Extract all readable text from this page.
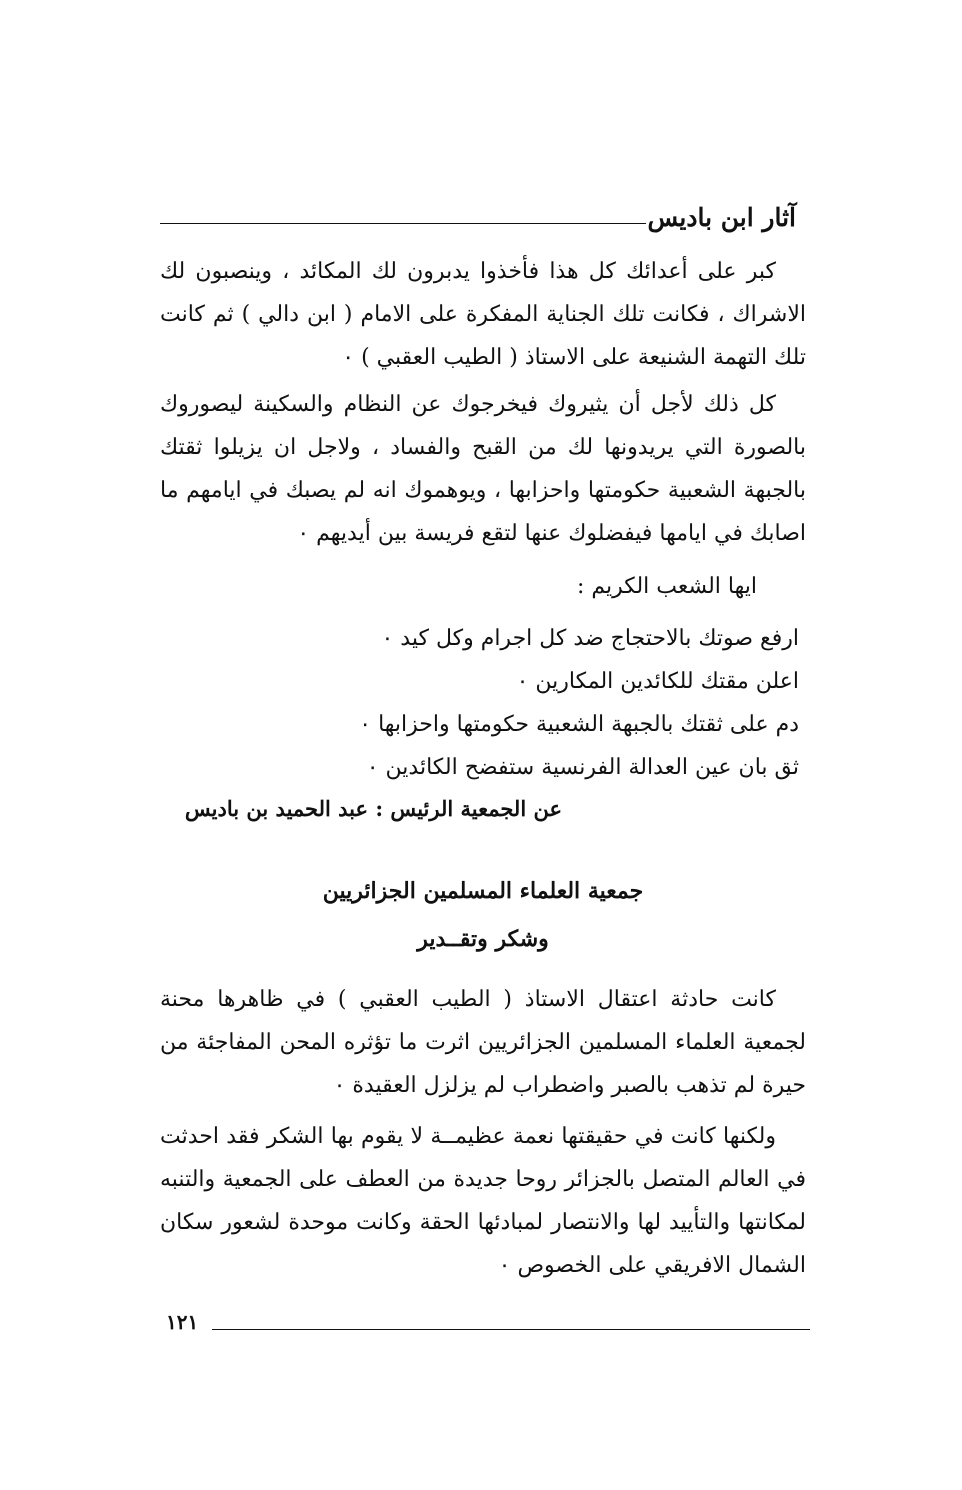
آثار ابن باديس

كبر على أعدائك كل هذا فأخذوا يدبرون لك المكائد ، وينصبون لك الاشراك ، فكانت تلك الجناية المفكرة على الامام ( ابن دالي ) ثم كانت تلك التهمة الشنيعة على الاستاذ ( الطيب العقبي ) ٠

كل ذلك لأجل أن يثيروك فيخرجوك عن النظام والسكينة ليصوروك بالصورة التي يريدونها لك من القبح والفساد ، ولاجل ان يزيلوا ثقتك بالجبهة الشعبية حكومتها واحزابها ، ويوهموك انه لم يصبك في ايامهم ما اصابك في ايامها فيفضلوك عنها لتقع فريسة بين أيديهم ٠

ايها الشعب الكريم :
ارفع صوتك بالاحتجاج ضد كل اجرام وكل كيد ٠
اعلن مقتك للكائدين المكارين ٠
دم على ثقتك بالجبهة الشعبية حكومتها واحزابها ٠
ثق بان عين العدالة الفرنسية ستفضح الكائدين ٠
عن الجمعية الرئيس : عبد الحميد بن باديس
جمعية العلماء المسلمين الجزائريين
وشكر وتقــدير

كانت حادثة اعتقال الاستاذ ( الطيب العقبي ) في ظاهرها محنة لجمعية العلماء المسلمين الجزائريين اثرت ما تؤثره المحن المفاجئة من حيرة لم تذهب بالصبر واضطراب لم يزلزل العقيدة ٠

ولكنها كانت في حقيقتها نعمة عظيمــة لا يقوم بها الشكر فقد احدثت في العالم المتصل بالجزائر روحا جديدة من العطف على الجمعية والتنبه لمكانتها والتأييد لها والانتصار لمبادئها الحقة وكانت موحدة لشعور سكان الشمال الافريقي على الخصوص ٠

١٢١
